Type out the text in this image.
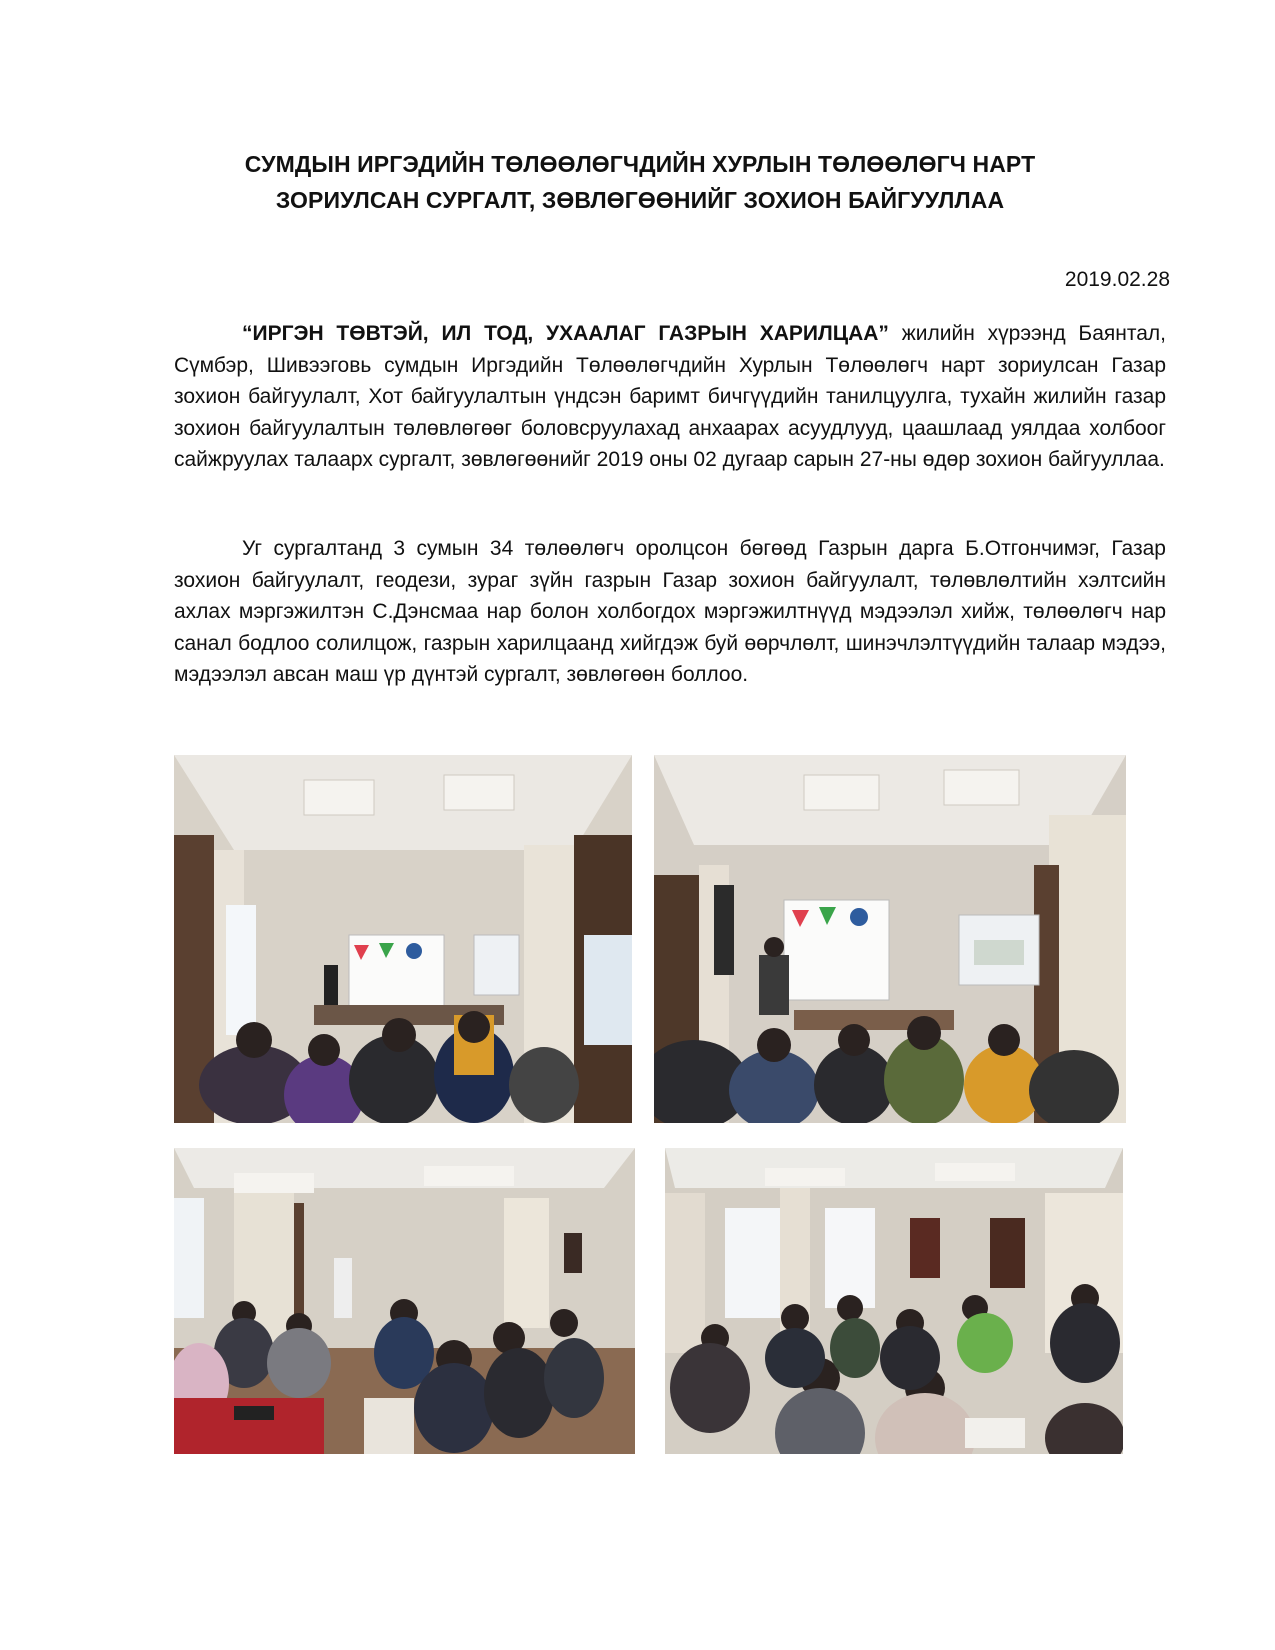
СУМДЫН ИРГЭДИЙН ТӨЛӨӨЛӨГЧДИЙН ХУРЛЫН ТӨЛӨӨЛӨГЧ НАРТ
ЗОРИУЛСАН СУРГАЛТ, ЗӨВЛӨГӨӨНИЙГ ЗОХИОН БАЙГУУЛЛАА
2019.02.28

“ИРГЭН ТӨВТЭЙ, ИЛ ТОД, УХААЛАГ ГАЗРЫН ХАРИЛЦАА” жилийн хүрээнд Баянтал, Сүмбэр, Шивээговь сумдын Иргэдийн Төлөөлөгчдийн Хурлын Төлөөлөгч нарт зориулсан Газар зохион байгуулалт, Хот байгуулалтын үндсэн баримт бичгүүдийн танилцуулга, тухайн жилийн газар зохион байгуулалтын төлөвлөгөөг боловсруулахад анхаарах асуудлууд, цаашлаад уялдаа холбоог сайжруулах талаарх сургалт, зөвлөгөөнийг 2019 оны 02 дугаар сарын 27-ны өдөр зохион байгууллаа.

Уг сургалтанд 3 сумын 34 төлөөлөгч оролцсон бөгөөд Газрын дарга Б.Отгончимэг, Газар зохион байгуулалт, геодези, зураг зүйн газрын Газар зохион байгуулалт, төлөвлөлтийн хэлтсийн ахлах мэргэжилтэн С.Дэнсмаа нар болон холбогдох мэргэжилтнүүд мэдээлэл хийж, төлөөлөгч нар санал бодлоо солилцож, газрын харилцаанд хийгдэж буй өөрчлөлт, шинэчлэлтүүдийн талаар мэдээ, мэдээлэл авсан маш үр дүнтэй сургалт, зөвлөгөөн боллоо.
